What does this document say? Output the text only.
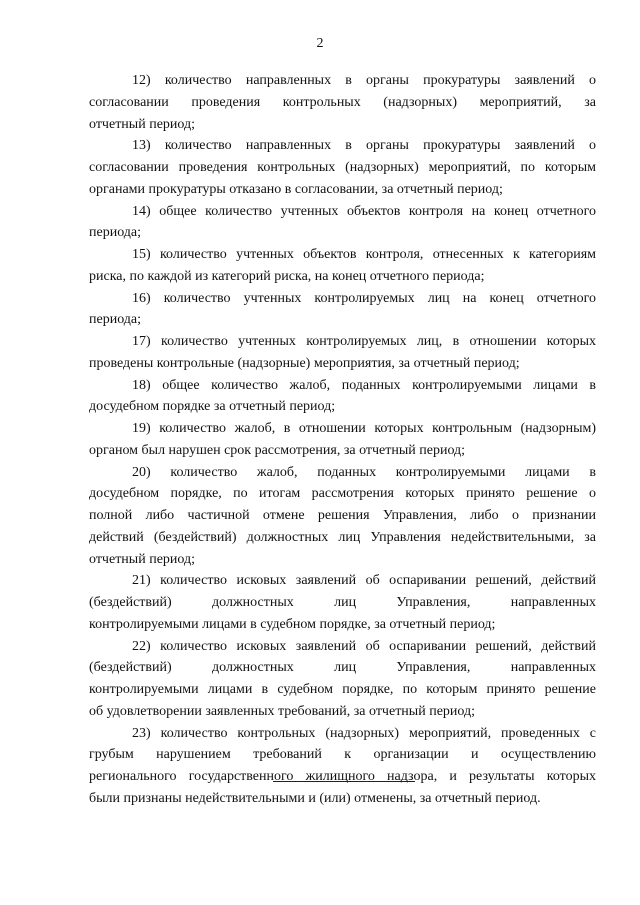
2
12) количество направленных в органы прокуратуры заявлений о
согласовании проведения контрольных (надзорных) мероприятий, за
отчетный период;
13) количество направленных в органы прокуратуры заявлений о
согласовании проведения контрольных (надзорных) мероприятий, по которым
органами прокуратуры отказано в согласовании, за отчетный период;
14) общее количество учтенных объектов контроля на конец отчетного
периода;
15) количество учтенных объектов контроля, отнесенных к категориям
риска, по каждой из категорий риска, на конец отчетного периода;
16) количество учтенных контролируемых лиц на конец отчетного
периода;
17) количество учтенных контролируемых лиц, в отношении которых
проведены контрольные (надзорные) мероприятия, за отчетный период;
18) общее количество жалоб, поданных контролируемыми лицами в
досудебном порядке за отчетный период;
19) количество жалоб, в отношении которых контрольным (надзорным)
органом был нарушен срок рассмотрения, за отчетный период;
20) количество жалоб, поданных контролируемыми лицами в
досудебном порядке, по итогам рассмотрения которых принято решение о
полной либо частичной отмене решения Управления, либо о признании
действий (бездействий) должностных лиц Управления недействительными, за
отчетный период;
21) количество исковых заявлений об оспаривании решений, действий
(бездействий) должностных лиц Управления, направленных
контролируемыми лицами в судебном порядке, за отчетный период;
22) количество исковых заявлений об оспаривании решений, действий
(бездействий) должностных лиц Управления, направленных
контролируемыми лицами в судебном порядке, по которым принято решение
об удовлетворении заявленных требований, за отчетный период;
23) количество контрольных (надзорных) мероприятий, проведенных с
грубым нарушением требований к организации и осуществлению
регионального государственного жилищного надзора, и результаты которых
были признаны недействительными и (или) отменены, за отчетный период.
